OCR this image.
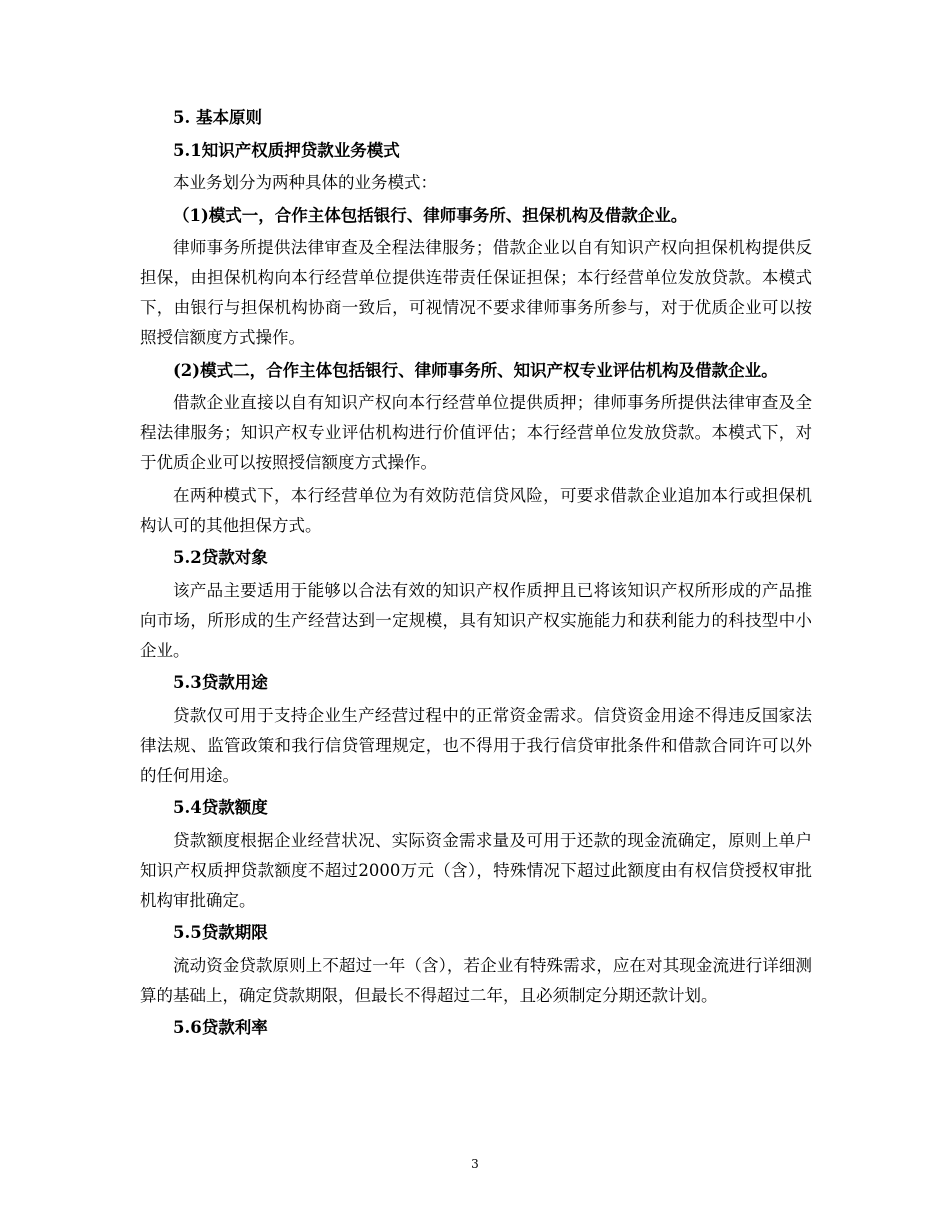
5. 基本原则

5.1知识产权质押贷款业务模式

本业务划分为两种具体的业务模式：

（1)模式一，合作主体包括银行、律师事务所、担保机构及借款企业。

律师事务所提供法律审查及全程法律服务；借款企业以自有知识产权向担保机构提供反担保，由担保机构向本行经营单位提供连带责任保证担保；本行经营单位发放贷款。本模式下，由银行与担保机构协商一致后，可视情况不要求律师事务所参与，对于优质企业可以按照授信额度方式操作。

(2)模式二，合作主体包括银行、律师事务所、知识产权专业评估机构及借款企业。

借款企业直接以自有知识产权向本行经营单位提供质押；律师事务所提供法律审查及全程法律服务；知识产权专业评估机构进行价值评估；本行经营单位发放贷款。本模式下，对于优质企业可以按照授信额度方式操作。

在两种模式下，本行经营单位为有效防范信贷风险，可要求借款企业追加本行或担保机构认可的其他担保方式。

5.2贷款对象

该产品主要适用于能够以合法有效的知识产权作质押且已将该知识产权所形成的产品推向市场，所形成的生产经营达到一定规模，具有知识产权实施能力和获利能力的科技型中小企业。

5.3贷款用途

贷款仅可用于支持企业生产经营过程中的正常资金需求。信贷资金用途不得违反国家法律法规、监管政策和我行信贷管理规定，也不得用于我行信贷审批条件和借款合同许可以外的任何用途。

5.4贷款额度

贷款额度根据企业经营状况、实际资金需求量及可用于还款的现金流确定，原则上单户知识产权质押贷款额度不超过2000万元（含），特殊情况下超过此额度由有权信贷授权审批机构审批确定。

5.5贷款期限

流动资金贷款原则上不超过一年（含），若企业有特殊需求，应在对其现金流进行详细测算的基础上，确定贷款期限，但最长不得超过二年，且必须制定分期还款计划。

5.6贷款利率

3
